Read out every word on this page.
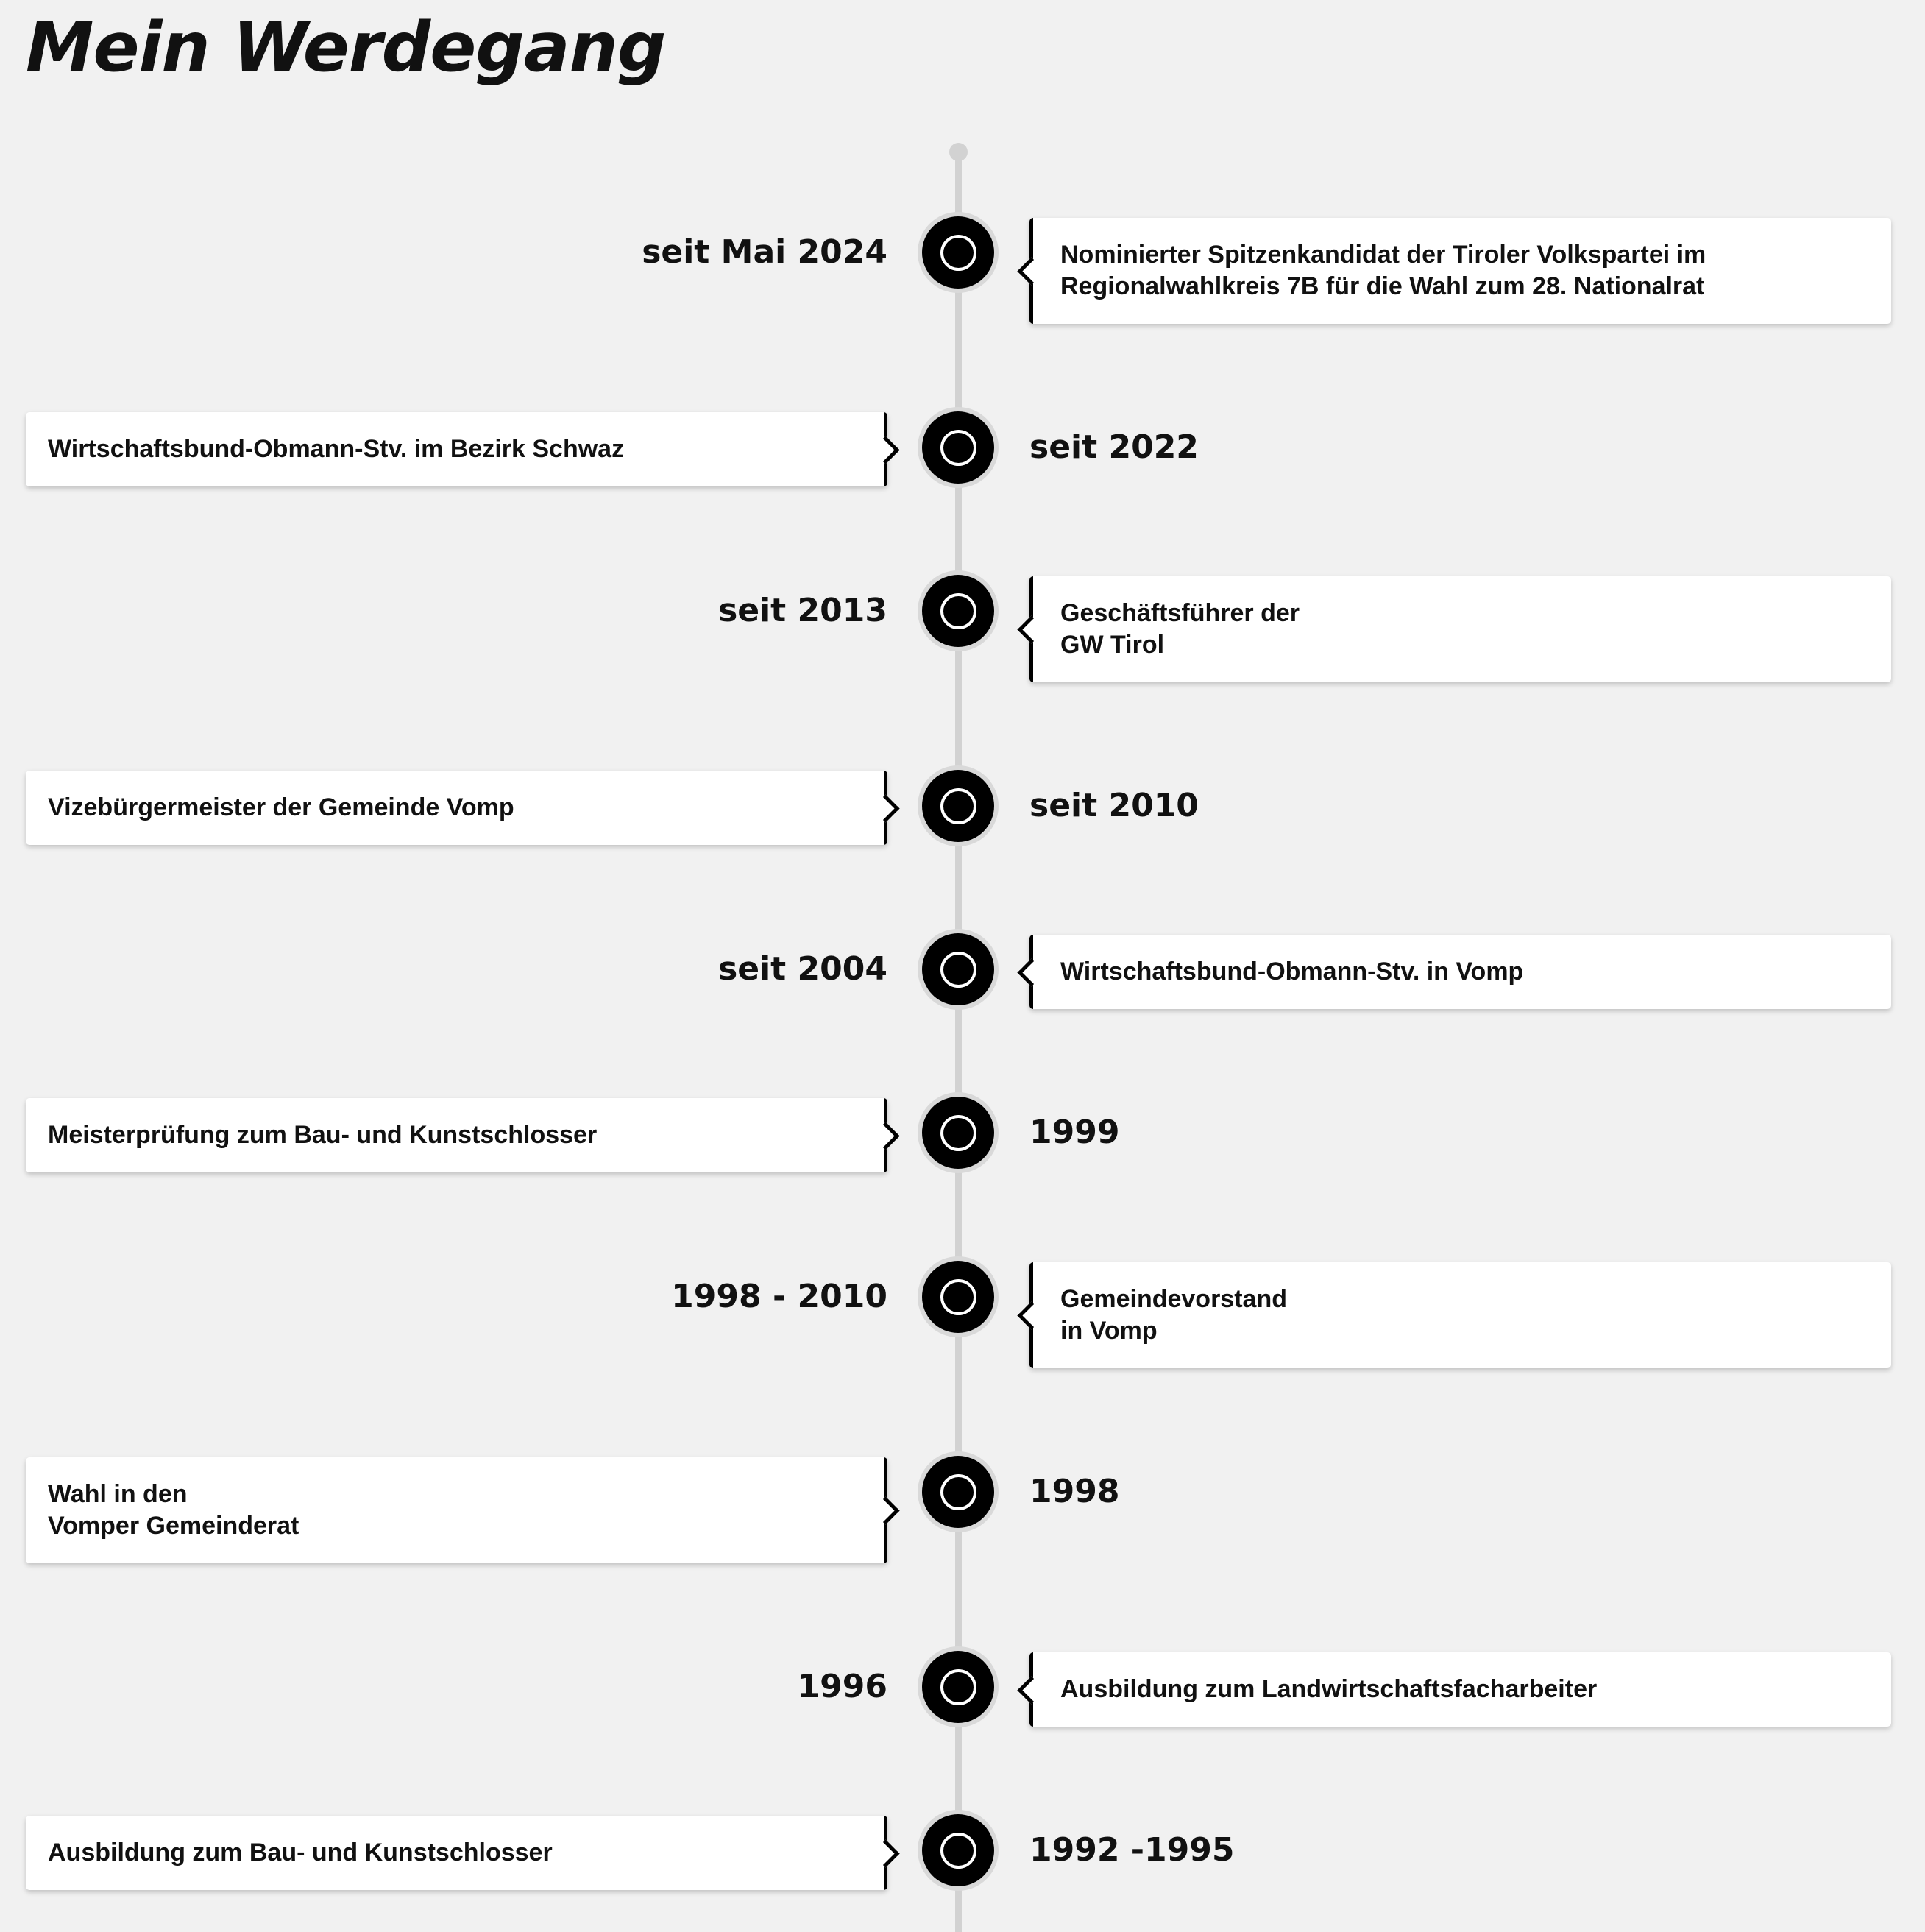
Mein Werdegang
seit Mai 2024	Nominierter Spitzenkandidat der Tiroler Volkspartei im
Regionalwahlkreis 7B für die Wahl zum 28. Nationalrat
Wirtschaftsbund-Obmann-Stv. im Bezirk Schwaz	seit 2022
seit 2013	Geschäftsführer der
GW Tirol
Vizebürgermeister der Gemeinde Vomp	seit 2010
seit 2004	Wirtschaftsbund-Obmann-Stv. in Vomp
Meisterprüfung zum Bau- und Kunstschlosser	1999
1998 - 2010	Gemeindevorstand
in Vomp
Wahl in den
Vomper Gemeinderat
1998
1996	Ausbildung zum Landwirtschaftsfacharbeiter
Ausbildung zum Bau- und Kunstschlosser	1992 -1995
